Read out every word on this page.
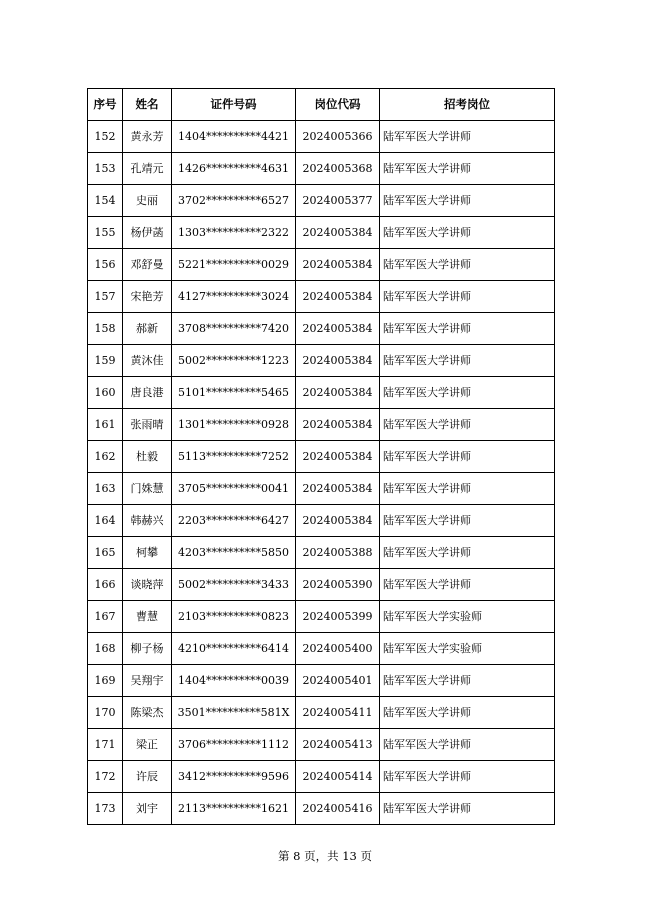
序号	姓名	证件号码	岗位代码	招考岗位
152	黄永芳	1404**********4421	2024005366	陆军军医大学讲师
153	孔靖元	1426**********4631	2024005368	陆军军医大学讲师
154	史丽	3702**********6527	2024005377	陆军军医大学讲师
155	杨伊菡	1303**********2322	2024005384	陆军军医大学讲师
156	邓舒曼	5221**********0029	2024005384	陆军军医大学讲师
157	宋艳芳	4127**********3024	2024005384	陆军军医大学讲师
158	郝新	3708**********7420	2024005384	陆军军医大学讲师
159	黄沐佳	5002**********1223	2024005384	陆军军医大学讲师
160	唐良港	5101**********5465	2024005384	陆军军医大学讲师
161	张雨晴	1301**********0928	2024005384	陆军军医大学讲师
162	杜毅	5113**********7252	2024005384	陆军军医大学讲师
163	门姝慧	3705**********0041	2024005384	陆军军医大学讲师
164	韩赫兴	2203**********6427	2024005384	陆军军医大学讲师
165	柯攀	4203**********5850	2024005388	陆军军医大学讲师
166	谈晓萍	5002**********3433	2024005390	陆军军医大学讲师
167	曹慧	2103**********0823	2024005399	陆军军医大学实验师
168	柳子杨	4210**********6414	2024005400	陆军军医大学实验师
169	吴翔宇	1404**********0039	2024005401	陆军军医大学讲师
170	陈梁杰	3501**********581X	2024005411	陆军军医大学讲师
171	梁正	3706**********1112	2024005413	陆军军医大学讲师
172	许辰	3412**********9596	2024005414	陆军军医大学讲师
173	刘宇	2113**********1621	2024005416	陆军军医大学讲师
第 8 页，共 13 页
